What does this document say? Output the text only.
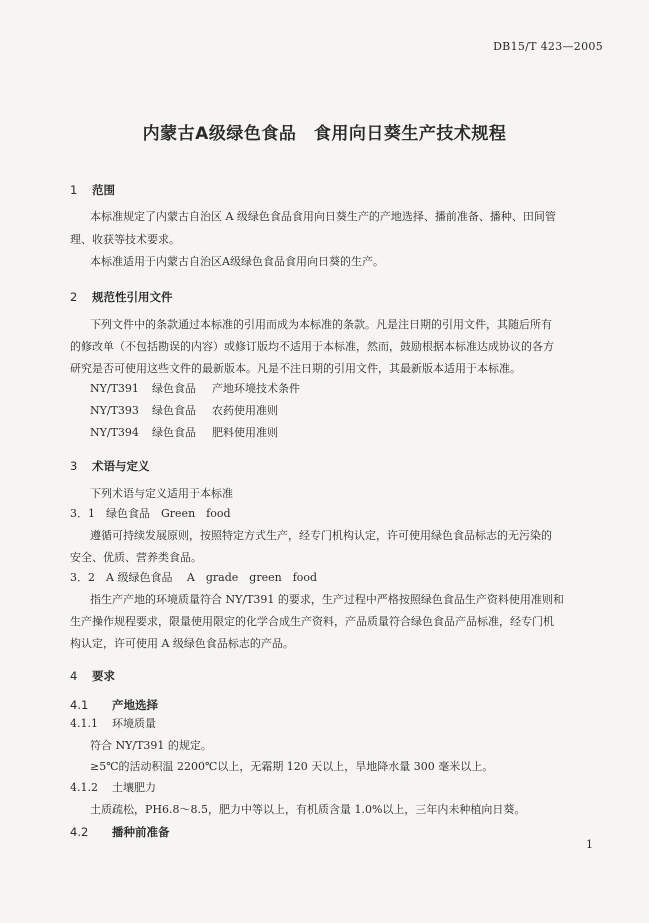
DB15/T 423—2005
内蒙古A级绿色食品　食用向日葵生产技术规程
1 范围
本标准规定了内蒙古自治区 A 级绿色食品食用向日葵生产的产地选择、播前准备、播种、田间管
理、收获等技术要求。
本标准适用于内蒙古自治区A级绿色食品食用向日葵的生产。
2 规范性引用文件
下列文件中的条款通过本标准的引用而成为本标准的条款。凡是注日期的引用文件，其随后所有
的修改单（不包括勘误的内容）或修订版均不适用于本标准，然而，鼓励根据本标准达成协议的各方
研究是否可使用这些文件的最新版本。凡是不注日期的引用文件，其最新版本适用于本标准。
NY/T391 绿色食品 产地环境技术条件
NY/T393 绿色食品 农药使用准则
NY/T394 绿色食品 肥料使用准则
3 术语与定义
下列术语与定义适用于本标准
3．1 绿色食品　Green　food
遵循可持续发展原则，按照特定方式生产，经专门机构认定，许可使用绿色食品标志的无污染的
安全、优质、营养类食品。
3．2 A 级绿色食品　 A　grade　green　food
指生产产地的环境质量符合 NY/T391 的要求，生产过程中严格按照绿色食品生产资料使用准则和
生产操作规程要求，限量使用限定的化学合成生产资料，产品质量符合绿色食品产品标准，经专门机
构认定，许可使用 A 级绿色食品标志的产品。
4 要求
4.1 产地选择
4.1.1 环境质量
符合 NY/T391 的规定。
≥5℃的活动积温 2200℃以上，无霜期 120 天以上，旱地降水量 300 毫米以上。
4.1.2 土壤肥力
土质疏松，PH6.8～8.5，肥力中等以上，有机质含量 1.0%以上，三年内未种植向日葵。
4.2 播种前准备
1
